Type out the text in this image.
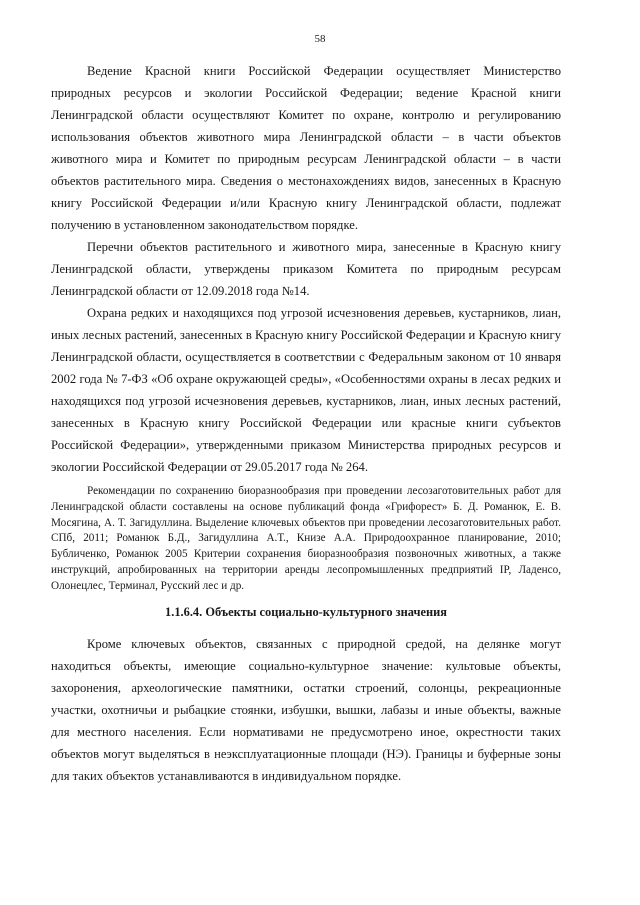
58

Ведение Красной книги Российской Федерации осуществляет Министерство природных ресурсов и экологии Российской Федерации; ведение Красной книги Ленинградской области осуществляют Комитет по охране, контролю и регулированию использования объектов животного мира Ленинградской области – в части объектов животного мира и Комитет по природным ресурсам Ленинградской области – в части объектов растительного мира. Сведения о местонахождениях видов, занесенных в Красную книгу Российской Федерации и/или Красную книгу Ленинградской области, подлежат получению в установленном законодательством порядке.

Перечни объектов растительного и животного мира, занесенные в Красную книгу Ленинградской области, утверждены приказом Комитета по природным ресурсам Ленинградской области от 12.09.2018 года №14.

Охрана редких и находящихся под угрозой исчезновения деревьев, кустарников, лиан, иных лесных растений, занесенных в Красную книгу Российской Федерации и Красную книгу Ленинградской области, осуществляется в соответствии с Федеральным законом от 10 января 2002 года № 7-ФЗ «Об охране окружающей среды», «Особенностями охраны в лесах редких и находящихся под угрозой исчезновения деревьев, кустарников, лиан, иных лесных растений, занесенных в Красную книгу Российской Федерации или красные книги субъектов Российской Федерации», утвержденными приказом Министерства природных ресурсов и экологии Российской Федерации от 29.05.2017 года № 264.

Рекомендации по сохранению биоразнообразия при проведении лесозаготовительных работ для Ленинградской области составлены на основе публикаций фонда «Грифорест» Б. Д. Романюк, Е. В. Мосягина, А. Т. Загидуллина. Выделение ключевых объектов при проведении лесозаготовительных работ. СПб, 2011; Романюк Б.Д., Загидуллина А.Т., Книзе А.А. Природоохранное планирование, 2010; Бубличенко, Романюк 2005 Критерии сохранения биоразнообразия позвоночных животных, а также инструкций, апробированных на территории аренды лесопромышленных предприятий IP, Ладенсо, Олонецлес, Терминал, Русский лес и др.

1.1.6.4. Объекты социально-культурного значения

Кроме ключевых объектов, связанных с природной средой, на делянке могут находиться объекты, имеющие социально-культурное значение: культовые объекты, захоронения, археологические памятники, остатки строений, солонцы, рекреационные участки, охотничьи и рыбацкие стоянки, избушки, вышки, лабазы и иные объекты, важные для местного населения. Если нормативами не предусмотрено иное, окрестности таких объектов могут выделяться в неэксплуатационные площади (НЭ). Границы и буферные зоны для таких объектов устанавливаются в индивидуальном порядке.
